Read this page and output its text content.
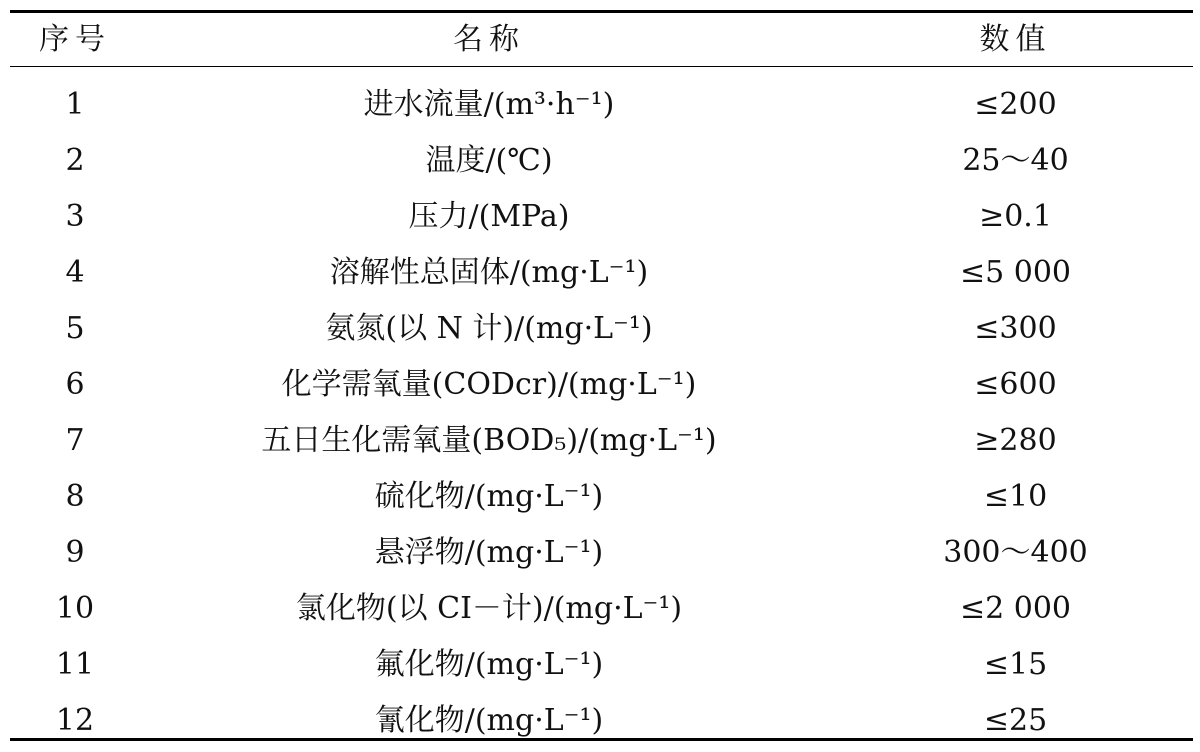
序号	名称	数值
1	进水流量/(m³·h⁻¹)	≤200
2	温度/(℃)	25～40
3	压力/(MPa)	≥0.1
4	溶解性总固体/(mg·L⁻¹)	≤5 000
5	氨氮(以 N 计)/(mg·L⁻¹)	≤300
6	化学需氧量(CODcr)/(mg·L⁻¹)	≤600
7	五日生化需氧量(BOD₅)/(mg·L⁻¹)	≥280
8	硫化物/(mg·L⁻¹)	≤10
9	悬浮物/(mg·L⁻¹)	300～400
10	氯化物(以 CI－计)/(mg·L⁻¹)	≤2 000
11	氟化物/(mg·L⁻¹)	≤15
12	氰化物/(mg·L⁻¹)	≤25
